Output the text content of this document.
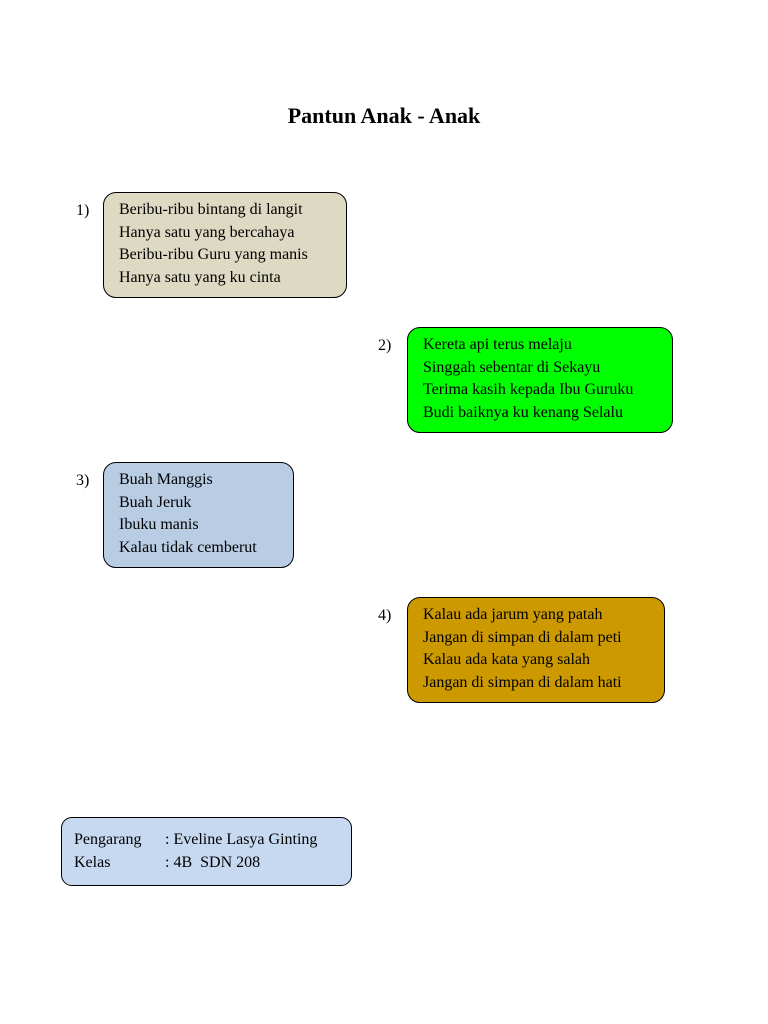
Pantun Anak - Anak
1) Beribu-ribu bintang di langit
Hanya satu yang bercahaya
Beribu-ribu Guru yang manis
Hanya satu yang ku cinta
2) Kereta api terus melaju
Singgah sebentar di Sekayu
Terima kasih kepada Ibu Guruku
Budi baiknya ku kenang Selalu
3) Buah Manggis
Buah Jeruk
Ibuku manis
Kalau tidak cemberut
4) Kalau ada jarum yang patah
Jangan di simpan di dalam peti
Kalau ada kata yang salah
Jangan di simpan di dalam hati
Pengarang	: Eveline Lasya Ginting
Kelas	: 4B  SDN 208
